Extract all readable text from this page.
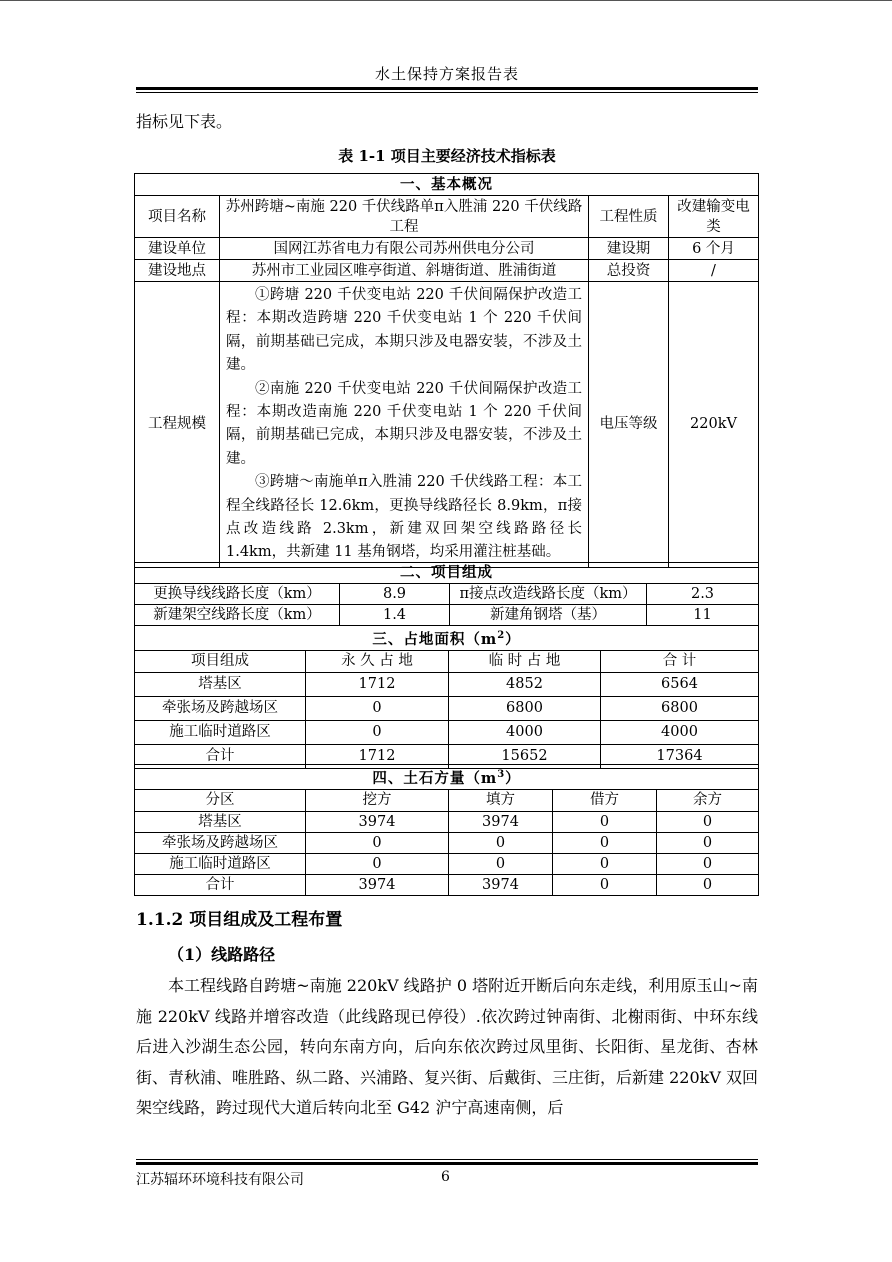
水土保持方案报告表
指标见下表。
表 1-1 项目主要经济技术指标表
一、基本概况			
项目名称	苏州跨塘~南施 220 千伏线路单π入胜浦 220 千伏线路工程	工程性质	改建输变电类
建设单位	国网江苏省电力有限公司苏州供电分公司	建设期	6 个月
建设地点	苏州市工业园区唯亭街道、斜塘街道、胜浦街道	总投资	/
工程规模	①跨塘 220 千伏变电站 220 千伏间隔保护改造工程：本期改造跨塘 220 千伏变电站 1 个 220 千伏间隔，前期基础已完成，本期只涉及电器安装，不涉及土建。

②南施 220 千伏变电站 220 千伏间隔保护改造工程：本期改造南施 220 千伏变电站 1 个 220 千伏间隔，前期基础已完成，本期只涉及电器安装，不涉及土建。

③跨塘～南施单π入胜浦 220 千伏线路工程：本工程全线路径长 12.6km，更换导线路径长 8.9km，π接点改造线路 2.3km，新建双回架空线路路径长 1.4km，共新建 11 基角钢塔，均采用灌注桩基础。	电压等级	220kV
二、项目组成			
更换导线线路长度（km）	8.9	π接点改造线路长度（km）	2.3
新建架空线路长度（km）	1.4	新建角钢塔（基）	11
三、占地面积$(m^2)$			
项目组成	永 久 占 地	临 时 占 地	合 计
塔基区	1712	4852	6564
牵张场及跨越场区	0	6800	6800
施工临时道路区	0	4000	4000
合计	1712	15652	17364
四、土石方量$(m^3)$				
分区	挖方	填方	借方	余方
塔基区	3974	3974	0	0
牵张场及跨越场区	0	0	0	0
施工临时道路区	0	0	0	0
合计	3974	3974	0	0
1.1.2 项目组成及工程布置
（1）线路路径
本工程线路自跨塘~南施 220kV 线路护 0 塔附近开断后向东走线，利用原玉山~南施 220kV 线路并增容改造（此线路现已停役）.依次跨过钟南街、北榭雨街、中环东线后进入沙湖生态公园，转向东南方向，后向东依次跨过凤里街、长阳街、星龙街、杏林街、青秋浦、唯胜路、纵二路、兴浦路、复兴街、后戴街、三庄街，后新建 220kV 双回架空线路，跨过现代大道后转向北至 G42 沪宁高速南侧，后
江苏辐环环境科技有限公司	6
